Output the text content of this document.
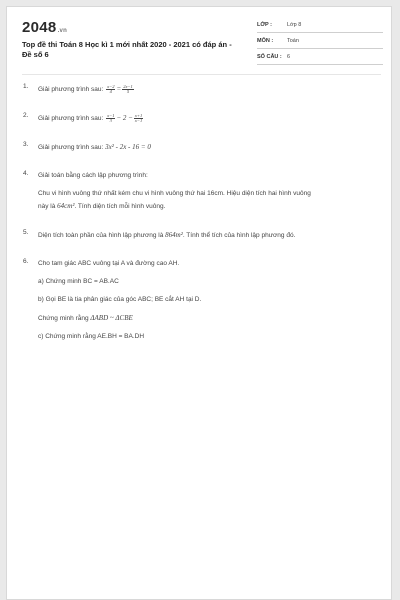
2048.vn
Top đề thi Toán 8 Học kì 1 mới nhất 2020 - 2021 có đáp án - Đề số 6
LỚP :	Lớp 8
MÔN :	Toán
SỐ CÂU : 6
1.	Giải phương trình sau: $\frac{x-2}{4} = \frac{2x-1}{5}$

2.	Giải phương trình sau: $\frac{x-1}{3} - 2 - \frac{x+1}{x-1}$

3.	Giải phương trình sau: 3x² - 2x - 16 = 0

4.	Giải toán bằng cách lập phương trình:

Chu vi hình vuông thứ nhất kém chu vi hình vuông thứ hai 16cm. Hiệu diện tích hai hình vuông

này là 64cm². Tính diện tích mỗi hình vuông.

5.	Diện tích toàn phần của hình lập phương là 864m². Tính thể tích của hình lập phương đó.

6.	Cho tam giác ABC vuông tại A và đường cao AH.

a) Chứng minh BC = AB.AC

b) Gọi BE là tia phân giác của góc ABC; BE cắt AH tại D.

Chứng minh rằng ΔABD ~ ΔCBE

c) Chứng minh rằng AE.BH = BA.DH
